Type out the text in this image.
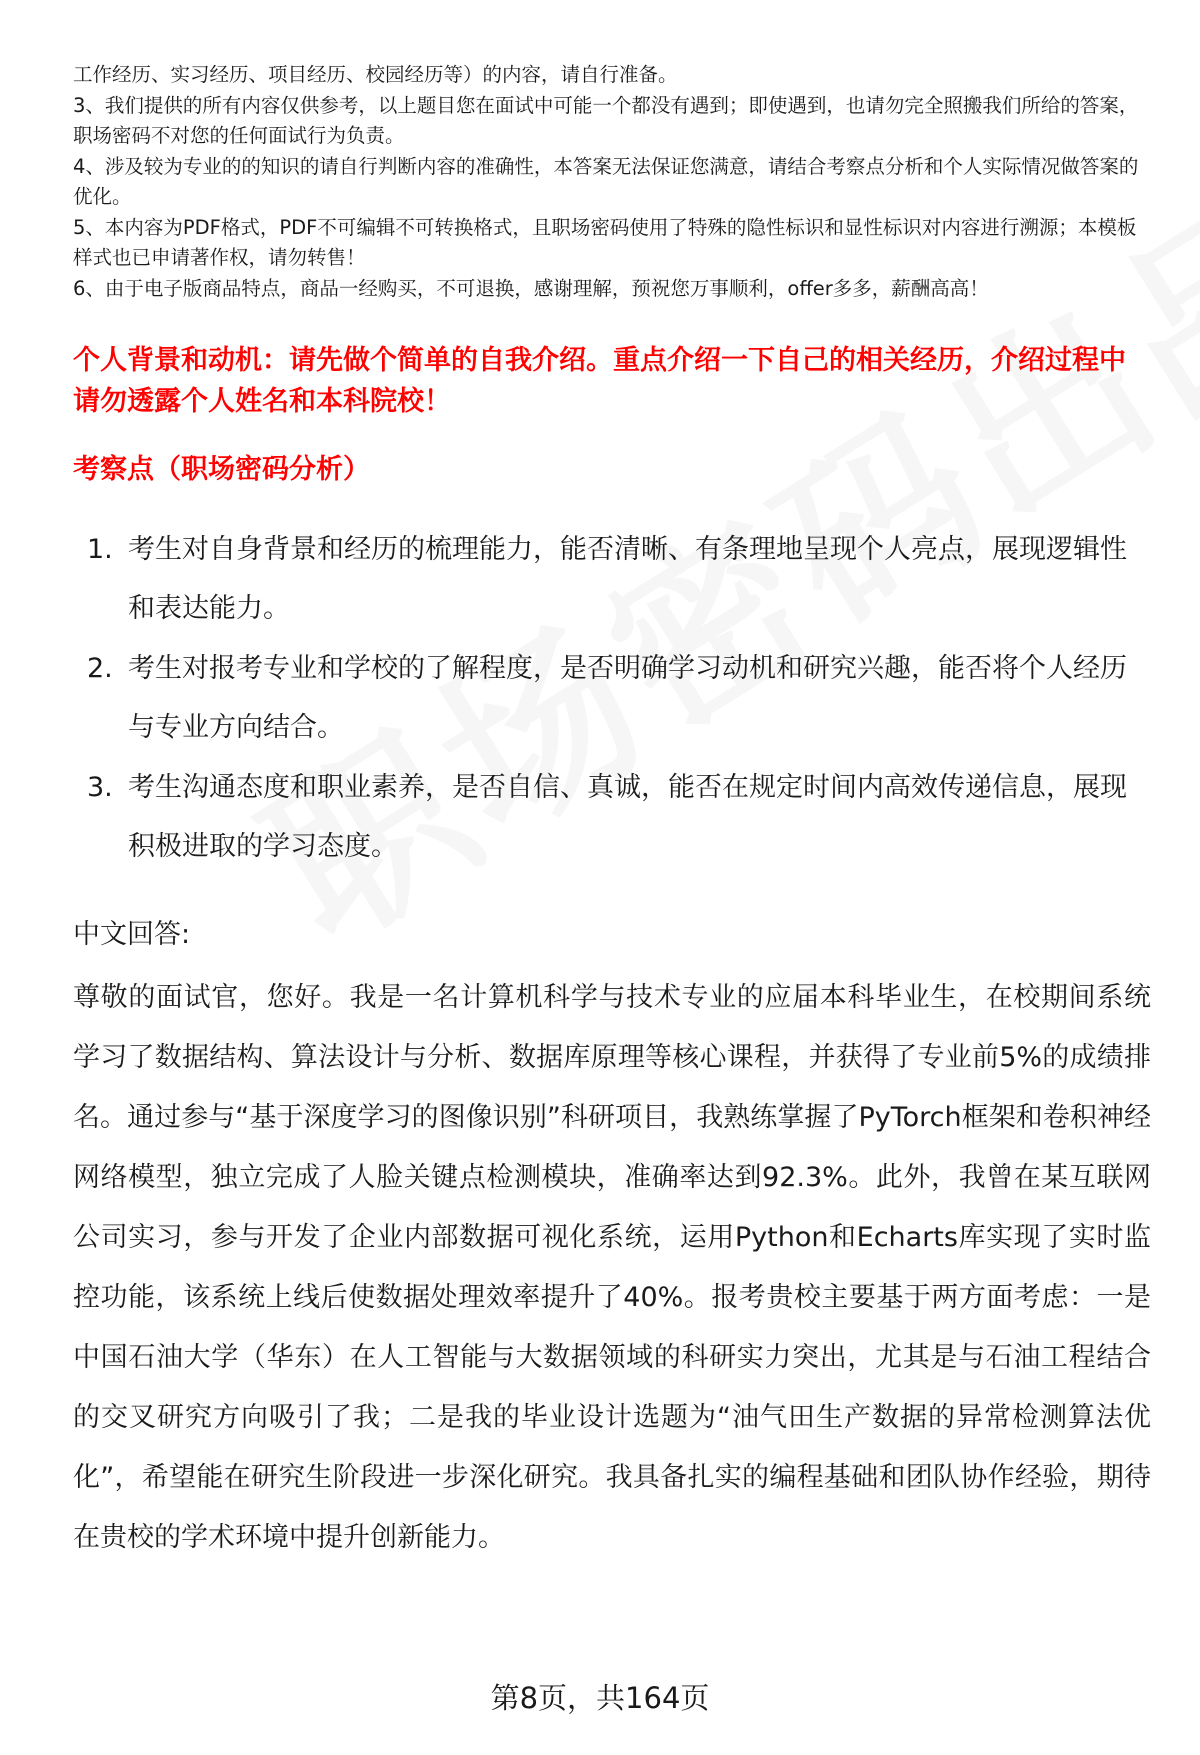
工作经历、实习经历、项目经历、校园经历等）的内容，请自行准备。

3、我们提供的所有内容仅供参考，以上题目您在面试中可能一个都没有遇到；即使遇到，也请勿完全照搬我们所给的答案，职场密码不对您的任何面试行为负责。

4、涉及较为专业的的知识的请自行判断内容的准确性，本答案无法保证您满意，请结合考察点分析和个人实际情况做答案的优化。

5、本内容为PDF格式，PDF不可编辑不可转换格式，且职场密码使用了特殊的隐性标识和显性标识对内容进行溯源；本模板样式也已申请著作权，请勿转售！

6、由于电子版商品特点，商品一经购买，不可退换，感谢理解，预祝您万事顺利，offer多多，薪酬高高！

个人背景和动机：请先做个简单的自我介绍。重点介绍一下自己的相关经历，介绍过程中请勿透露个人姓名和本科院校！
考察点（职场密码分析）
1. 考生对自身背景和经历的梳理能力，能否清晰、有条理地呈现个人亮点，展现逻辑性和表达能力。
2. 考生对报考专业和学校的了解程度，是否明确学习动机和研究兴趣，能否将个人经历与专业方向结合。
3. 考生沟通态度和职业素养，是否自信、真诚，能否在规定时间内高效传递信息，展现积极进取的学习态度。

中文回答:

尊敬的面试官，您好。我是一名计算机科学与技术专业的应届本科毕业生，在校期间系统学习了数据结构、算法设计与分析、数据库原理等核心课程，并获得了专业前5%的成绩排名。通过参与“基于深度学习的图像识别”科研项目，我熟练掌握了PyTorch框架和卷积神经网络模型，独立完成了人脸关键点检测模块，准确率达到92.3%。此外，我曾在某互联网公司实习，参与开发了企业内部数据可视化系统，运用Python和Echarts库实现了实时监控功能，该系统上线后使数据处理效率提升了40%。报考贵校主要基于两方面考虑：一是中国石油大学（华东）在人工智能与大数据领域的科研实力突出，尤其是与石油工程结合的交叉研究方向吸引了我；二是我的毕业设计选题为“油气田生产数据的异常检测算法优化”，希望能在研究生阶段进一步深化研究。我具备扎实的编程基础和团队协作经验，期待在贵校的学术环境中提升创新能力。

第8页，共164页
